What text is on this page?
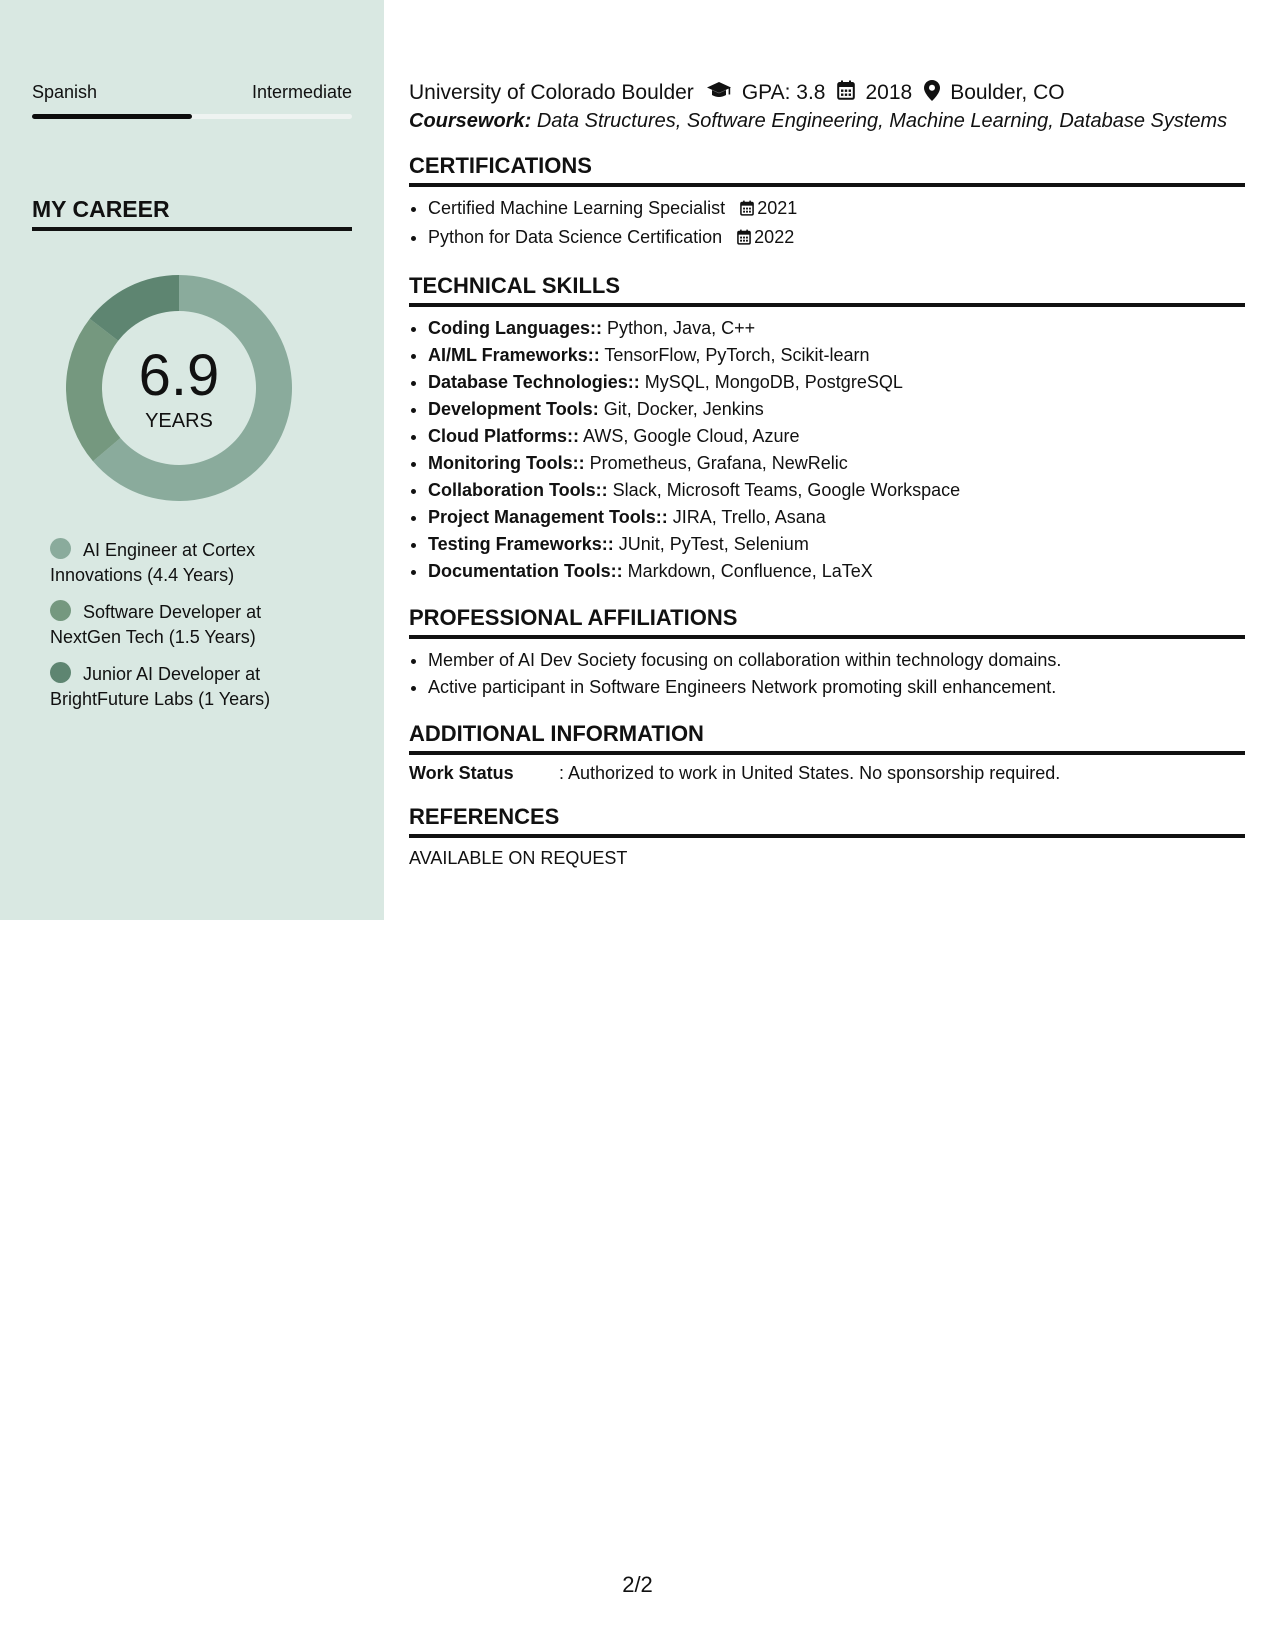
Spanish	Intermediate
MY CAREER
6.9
YEARS
AI Engineer at Cortex Innovations (4.4 Years)
Software Developer at NextGen Tech (1.5 Years)
Junior AI Developer at BrightFuture Labs (1 Years)
University of Colorado Boulder GPA: 3.8 2018 Boulder, CO
Coursework: Data Structures, Software Engineering, Machine Learning, Database Systems
CERTIFICATIONS
• Certified Machine Learning Specialist 2021
• Python for Data Science Certification 2022
TECHNICAL SKILLS
• Coding Languages:: Python, Java, C++
• AI/ML Frameworks:: TensorFlow, PyTorch, Scikit-learn
• Database Technologies:: MySQL, MongoDB, PostgreSQL
• Development Tools: Git, Docker, Jenkins
• Cloud Platforms:: AWS, Google Cloud, Azure
• Monitoring Tools:: Prometheus, Grafana, NewRelic
• Collaboration Tools:: Slack, Microsoft Teams, Google Workspace
• Project Management Tools:: JIRA, Trello, Asana
• Testing Frameworks:: JUnit, PyTest, Selenium
• Documentation Tools:: Markdown, Confluence, LaTeX
PROFESSIONAL AFFILIATIONS
• Member of AI Dev Society focusing on collaboration within technology domains.
• Active participant in Software Engineers Network promoting skill enhancement.
ADDITIONAL INFORMATION
Work Status	: Authorized to work in United States. No sponsorship required.
REFERENCES
AVAILABLE ON REQUEST
2/2
